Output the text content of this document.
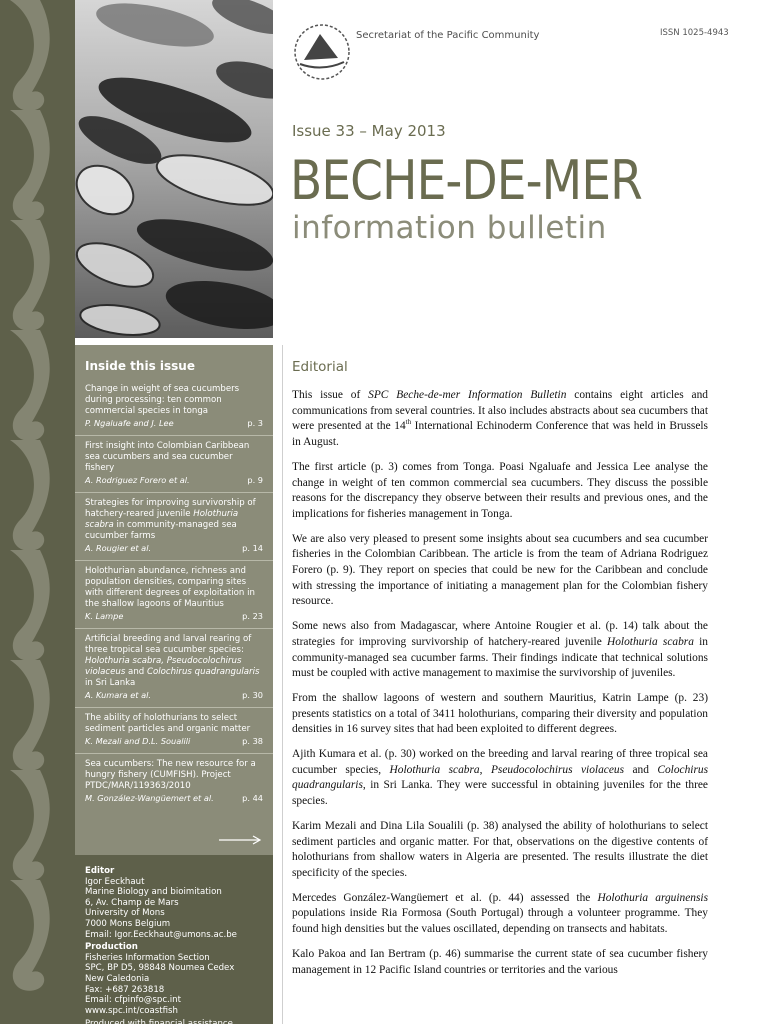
Secretariat of the Pacific Community	ISSN 1025-4943
Issue 33 – May 2013
BECHE-DE-MER
information bulletin
Inside this issue
Change in weight of sea cucumbers during processing: ten common commercial species in tonga
P. Ngaluafe and J. Lee	p. 3
First insight into Colombian Caribbean sea cucumbers and sea cucumber fishery
A. Rodriguez Forero et al.	p. 9
Strategies for improving survivorship of hatchery-reared juvenile Holothuria scabra in community-managed sea cucumber farms
A. Rougier et al.	p. 14
Holothurian abundance, richness and population densities, comparing sites with different degrees of exploitation in the shallow lagoons of Mauritius
K. Lampe	p. 23
Artificial breeding and larval rearing of three tropical sea cucumber species: Holothuria scabra, Pseudocolochirus violaceus and Colochirus quadrangularis in Sri Lanka
A. Kumara et al.	p. 30
The ability of holothurians to select sediment particles and organic matter
K. Mezali and D.L. Soualili	p. 38
Sea cucumbers: The new resource for a hungry fishery (CUMFISH). Project PTDC/MAR/119363/2010
M. González-Wangüemert et al.	p. 44
Editor
Igor Eeckhaut
Marine Biology and bioimitation
6, Av. Champ de Mars
University of Mons
7000 Mons Belgium
Email: Igor.Eeckhaut@umons.ac.be
Production
Fisheries Information Section
SPC, BP D5, 98848 Noumea Cedex
New Caledonia
Fax: +687 263818
Email: cfpinfo@spc.int
www.spc.int/coastfish
Produced with financial assistance
Editorial

This issue of SPC Beche-de-mer Information Bulletin contains eight articles and communications from several countries. It also includes abstracts about sea cucumbers that were presented at the 14th International Echinoderm Conference that was held in Brussels in August.

The first article (p. 3) comes from Tonga. Poasi Ngaluafe and Jessica Lee analyse the change in weight of ten common commercial sea cucumbers. They discuss the possible reasons for the discrepancy they observe between their results and previous ones, and the implications for fisheries management in Tonga.

We are also very pleased to present some insights about sea cucumbers and sea cucumber fisheries in the Colombian Caribbean. The article is from the team of Adriana Rodriguez Forero (p. 9). They report on species that could be new for the Caribbean and conclude with stressing the importance of initiating a management plan for the Colombian fishery resource.

Some news also from Madagascar, where Antoine Rougier et al. (p. 14) talk about the strategies for improving survivorship of hatchery-reared juvenile Holothuria scabra in community-managed sea cucumber farms. Their findings indicate that technical solutions must be coupled with active management to maximise the survivorship of juveniles.

From the shallow lagoons of western and southern Mauritius, Katrin Lampe (p. 23) presents statistics on a total of 3411 holothurians, comparing their diversity and population densities in 16 survey sites that had been exploited to different degrees.

Ajith Kumara et al. (p. 30) worked on the breeding and larval rearing of three tropical sea cucumber species, Holothuria scabra, Pseudocolochirus violaceus and Colochirus quadrangularis, in Sri Lanka. They were successful in obtaining juveniles for the three species.

Karim Mezali and Dina Lila Soualili (p. 38) analysed the ability of holothurians to select sediment particles and organic matter. For that, observations on the digestive contents of holothurians from shallow waters in Algeria are presented. The results illustrate the diet specificity of the species.

Mercedes González-Wangüemert et al. (p. 44) assessed the Holothuria arguinensis populations inside Ria Formosa (South Portugal) through a volunteer programme. They found high densities but the values oscillated, depending on transects and habitats.

Kalo Pakoa and Ian Bertram (p. 46) summarise the current state of sea cucumber fishery management in 12 Pacific Island countries or territories and the various
